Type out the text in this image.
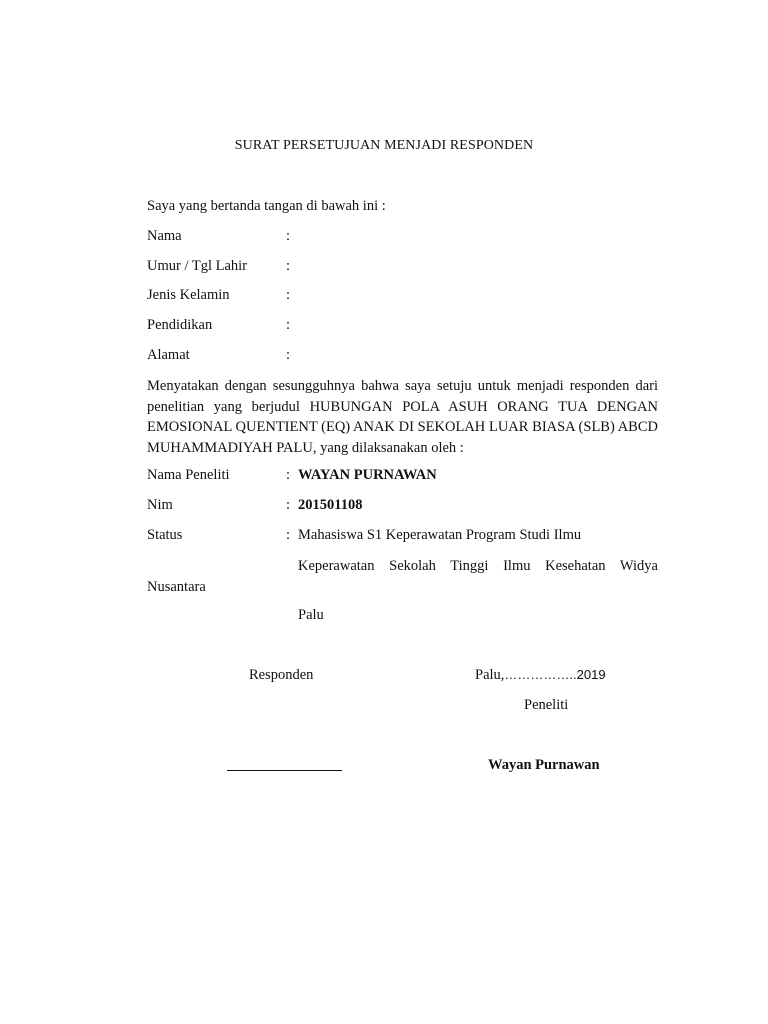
SURAT PERSETUJUAN MENJADI RESPONDEN
Saya yang bertanda tangan di bawah ini :
Nama	:
Umur / Tgl Lahir	:
Jenis Kelamin	:
Pendidikan	:
Alamat	:

Menyatakan dengan sesungguhnya bahwa saya setuju untuk menjadi responden dari penelitian yang berjudul HUBUNGAN POLA ASUH ORANG TUA DENGAN EMOSIONAL QUENTIENT (EQ) ANAK DI SEKOLAH LUAR BIASA (SLB) ABCD MUHAMMADIYAH PALU, yang dilaksanakan oleh :

Nama Peneliti	: WAYAN PURNAWAN
Nim	: 201501108
Status	: Mahasiswa S1 Keperawatan Program Studi Ilmu

Keperawatan Sekolah Tinggi Ilmu Kesehatan Widya Nusantara

Palu
Responden	Palu,……………..2019
Peneliti
Wayan Purnawan
